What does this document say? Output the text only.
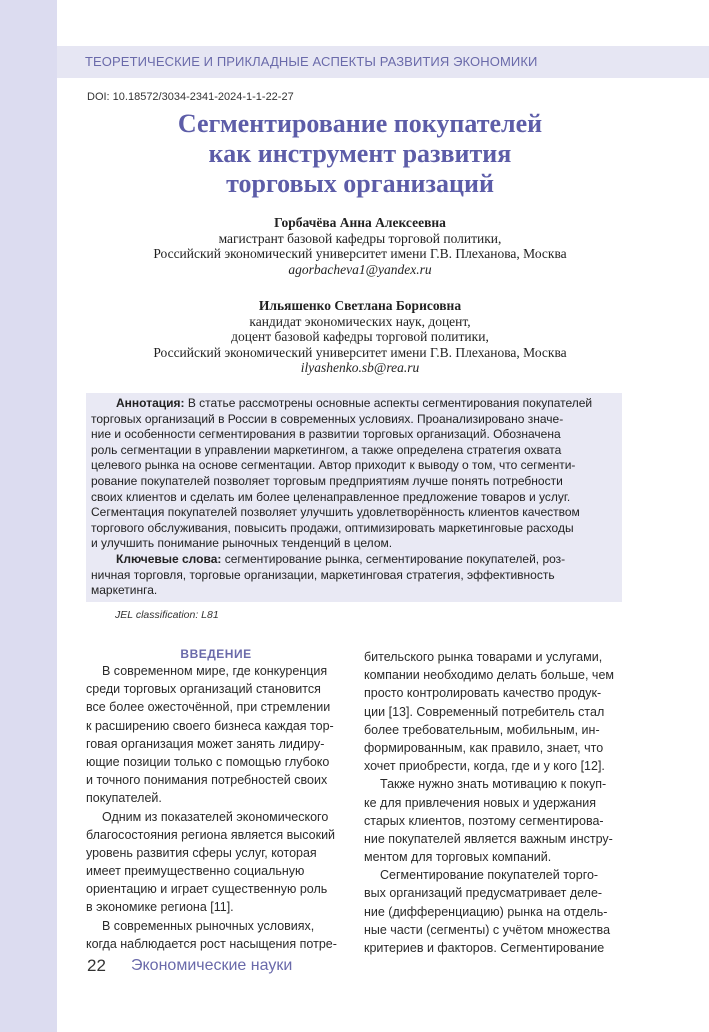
ТЕОРЕТИЧЕСКИЕ И ПРИКЛАДНЫЕ АСПЕКТЫ РАЗВИТИЯ ЭКОНОМИКИ
DOI: 10.18572/3034-2341-2024-1-1-22-27
Сегментирование покупателей
как инструмент развития
торговых организаций
Горбачёва Анна Алексеевна
магистрант базовой кафедры торговой политики,
Российский экономический университет имени Г.В. Плеханова, Москва
agorbacheva1@yandex.ru
Ильяшенко Светлана Борисовна
кандидат экономических наук, доцент,
доцент базовой кафедры торговой политики,
Российский экономический университет имени Г.В. Плеханова, Москва
ilyashenko.sb@rea.ru
Аннотация: В статье рассмотрены основные аспекты сегментирования покупателей
торговых организаций в России в современных условиях. Проанализировано значе-
ние и особенности сегментирования в развитии торговых организаций. Обозначена
роль сегментации в управлении маркетингом, а также определена стратегия охвата
целевого рынка на основе сегментации. Автор приходит к выводу о том, что сегменти-
рование покупателей позволяет торговым предприятиям лучше понять потребности
своих клиентов и сделать им более целенаправленное предложение товаров и услуг.
Сегментация покупателей позволяет улучшить удовлетворённость клиентов качеством
торгового обслуживания, повысить продажи, оптимизировать маркетинговые расходы
и улучшить понимание рыночных тенденций в целом.
Ключевые слова: сегментирование рынка, сегментирование покупателей, роз-
ничная торговля, торговые организации, маркетинговая стратегия, эффективность
маркетинга.
JEL classification: L81
ВВЕДЕНИЕ
В современном мире, где конкуренция
среди торговых организаций становится
все более ожесточённой, при стремлении
к расширению своего бизнеса каждая тор-
говая организация может занять лидиру-
ющие позиции только с помощью глубоко
и точного понимания потребностей своих
покупателей.
Одним из показателей экономического
благосостояния региона является высокий
уровень развития сферы услуг, которая
имеет преимущественно социальную
ориентацию и играет существенную роль
в экономике региона [11].
В современных рыночных условиях,
когда наблюдается рост насыщения потре-
бительского рынка товарами и услугами,
компании необходимо делать больше, чем
просто контролировать качество продук-
ции [13]. Современный потребитель стал
более требовательным, мобильным, ин-
формированным, как правило, знает, что
хочет приобрести, когда, где и у кого [12].
Также нужно знать мотивацию к покуп-
ке для привлечения новых и удержания
старых клиентов, поэтому сегментирова-
ние покупателей является важным инстру-
ментом для торговых компаний.
Сегментирование покупателей торго-
вых организаций предусматривает деле-
ние (дифференциацию) рынка на отдель-
ные части (сегменты) с учётом множества
критериев и факторов. Сегментирование
22 Экономические науки
